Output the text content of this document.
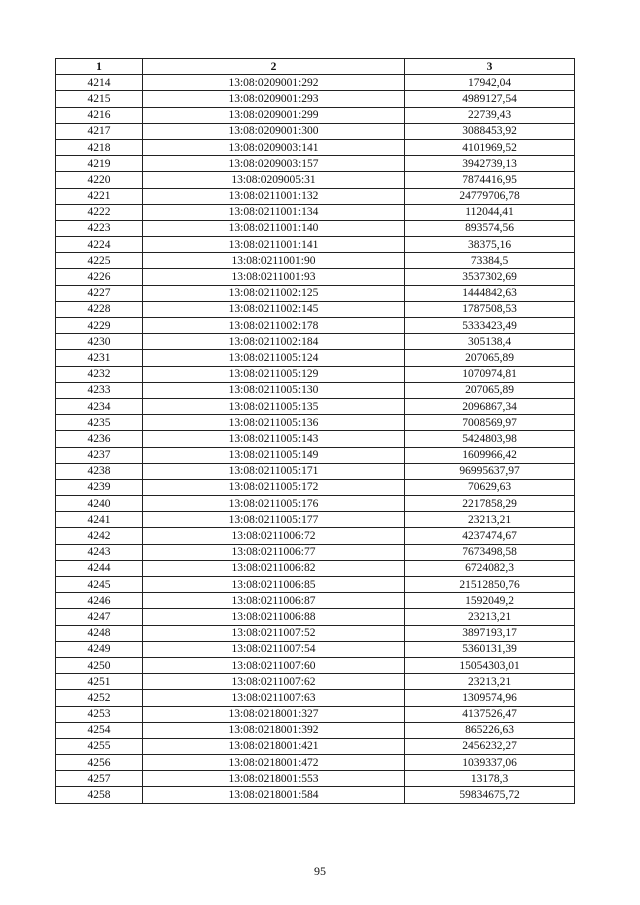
1	2	3
4214	13:08:0209001:292	17942,04
4215	13:08:0209001:293	4989127,54
4216	13:08:0209001:299	22739,43
4217	13:08:0209001:300	3088453,92
4218	13:08:0209003:141	4101969,52
4219	13:08:0209003:157	3942739,13
4220	13:08:0209005:31	7874416,95
4221	13:08:0211001:132	24779706,78
4222	13:08:0211001:134	112044,41
4223	13:08:0211001:140	893574,56
4224	13:08:0211001:141	38375,16
4225	13:08:0211001:90	73384,5
4226	13:08:0211001:93	3537302,69
4227	13:08:0211002:125	1444842,63
4228	13:08:0211002:145	1787508,53
4229	13:08:0211002:178	5333423,49
4230	13:08:0211002:184	305138,4
4231	13:08:0211005:124	207065,89
4232	13:08:0211005:129	1070974,81
4233	13:08:0211005:130	207065,89
4234	13:08:0211005:135	2096867,34
4235	13:08:0211005:136	7008569,97
4236	13:08:0211005:143	5424803,98
4237	13:08:0211005:149	1609966,42
4238	13:08:0211005:171	96995637,97
4239	13:08:0211005:172	70629,63
4240	13:08:0211005:176	2217858,29
4241	13:08:0211005:177	23213,21
4242	13:08:0211006:72	4237474,67
4243	13:08:0211006:77	7673498,58
4244	13:08:0211006:82	6724082,3
4245	13:08:0211006:85	21512850,76
4246	13:08:0211006:87	1592049,2
4247	13:08:0211006:88	23213,21
4248	13:08:0211007:52	3897193,17
4249	13:08:0211007:54	5360131,39
4250	13:08:0211007:60	15054303,01
4251	13:08:0211007:62	23213,21
4252	13:08:0211007:63	1309574,96
4253	13:08:0218001:327	4137526,47
4254	13:08:0218001:392	865226,63
4255	13:08:0218001:421	2456232,27
4256	13:08:0218001:472	1039337,06
4257	13:08:0218001:553	13178,3
4258	13:08:0218001:584	59834675,72
95
